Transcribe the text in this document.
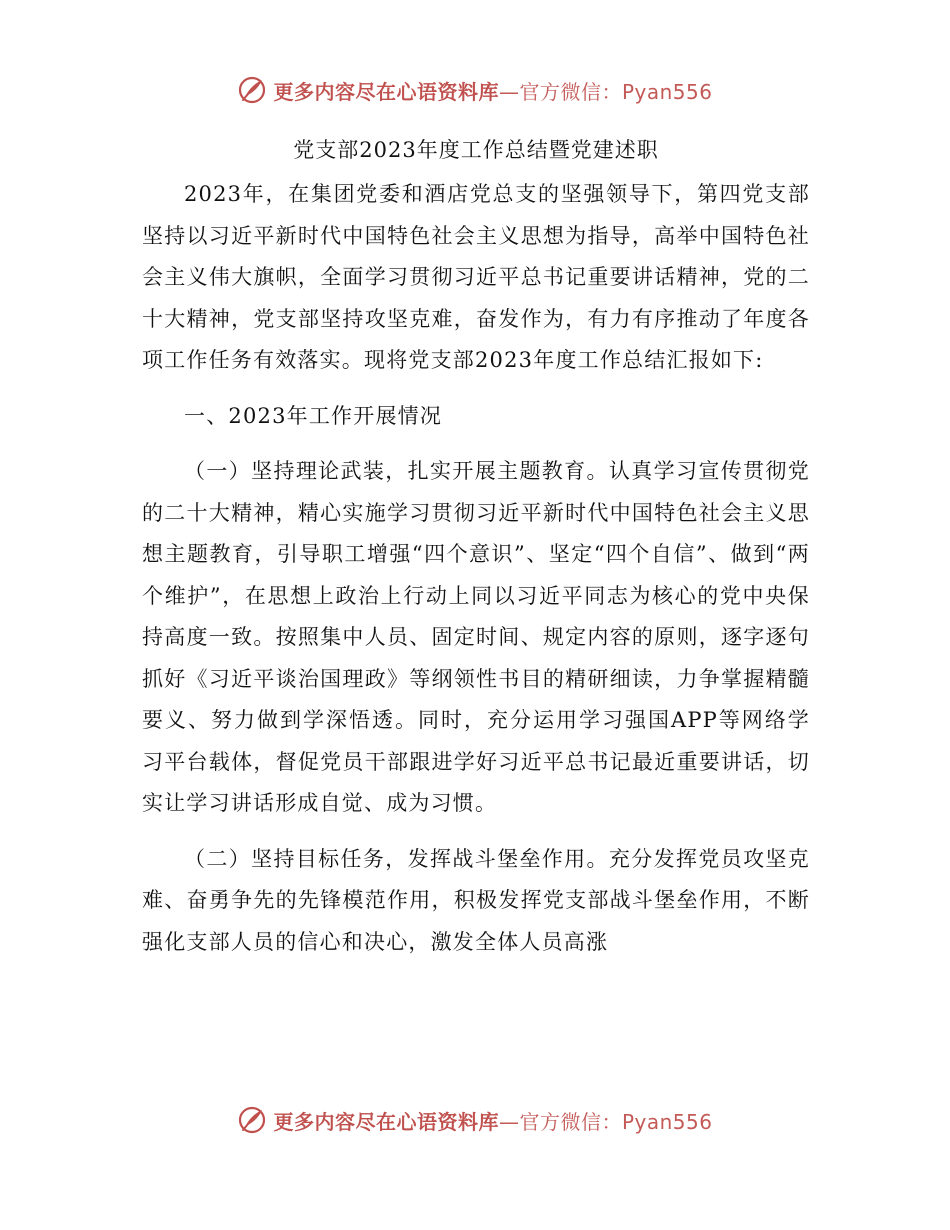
更多内容尽在心语资料库—官方微信：Pyan556
党支部2023年度工作总结暨党建述职

2023年，在集团党委和酒店党总支的坚强领导下，第四党支部坚持以习近平新时代中国特色社会主义思想为指导，高举中国特色社会主义伟大旗帜，全面学习贯彻习近平总书记重要讲话精神，党的二十大精神，党支部坚持攻坚克难，奋发作为，有力有序推动了年度各项工作任务有效落实。现将党支部2023年度工作总结汇报如下:

一、2023年工作开展情况

（一）坚持理论武装，扎实开展主题教育。认真学习宣传贯彻党的二十大精神，精心实施学习贯彻习近平新时代中国特色社会主义思想主题教育，引导职工增强“四个意识”、坚定“四个自信”、做到“两个维护”，在思想上政治上行动上同以习近平同志为核心的党中央保持高度一致。按照集中人员、固定时间、规定内容的原则，逐字逐句抓好《习近平谈治国理政》等纲领性书目的精研细读，力争掌握精髓要义、努力做到学深悟透。同时，充分运用学习强国APP等网络学习平台载体，督促党员干部跟进学好习近平总书记最近重要讲话，切实让学习讲话形成自觉、成为习惯。

（二）坚持目标任务，发挥战斗堡垒作用。充分发挥党员攻坚克难、奋勇争先的先锋模范作用，积极发挥党支部战斗堡垒作用，不断强化支部人员的信心和决心，激发全体人员高涨

更多内容尽在心语资料库—官方微信：Pyan556
